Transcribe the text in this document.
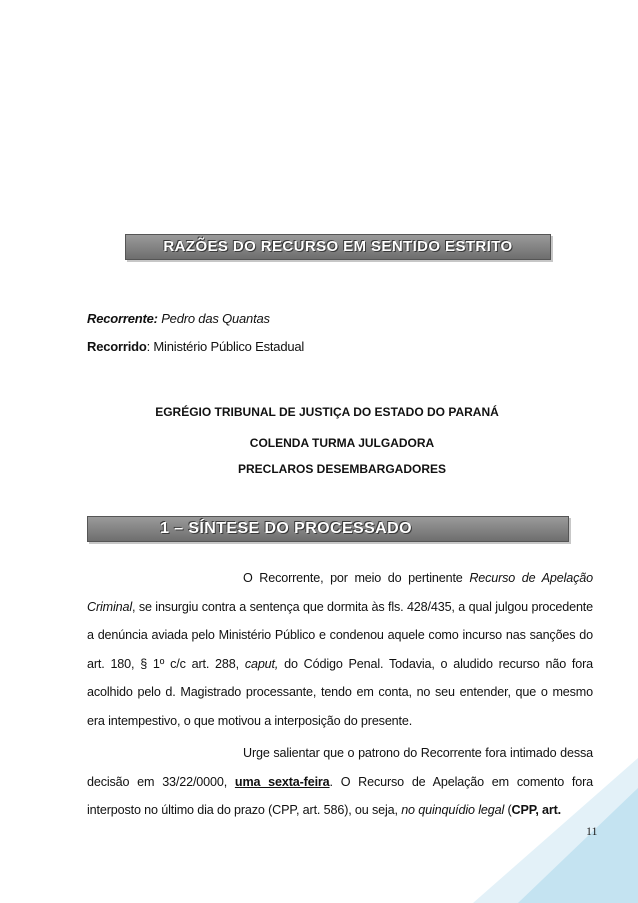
RAZÕES DO RECURSO EM SENTIDO ESTRITO
Recorrente: Pedro das Quantas
Recorrido: Ministério Público Estadual
EGRÉGIO TRIBUNAL DE JUSTIÇA DO ESTADO DO PARANÁ
COLENDA TURMA JULGADORA
PRECLAROS DESEMBARGADORES
1 – SÍNTESE DO PROCESSADO
O Recorrente, por meio do pertinente Recurso de Apelação Criminal, se insurgiu contra a sentença que dormita às fls. 428/435, a qual julgou procedente a denúncia aviada pelo Ministério Público e condenou aquele como incurso nas sanções do art. 180, § 1º c/c art. 288, caput, do Código Penal. Todavia, o aludido recurso não fora acolhido pelo d. Magistrado processante, tendo em conta, no seu entender, que o mesmo era intempestivo, o que motivou a interposição do presente.
Urge salientar que o patrono do Recorrente fora intimado dessa decisão em 33/22/0000, uma sexta-feira. O Recurso de Apelação em comento fora interposto no último dia do prazo (CPP, art. 586), ou seja, no quinquídio legal (CPP, art.
11
